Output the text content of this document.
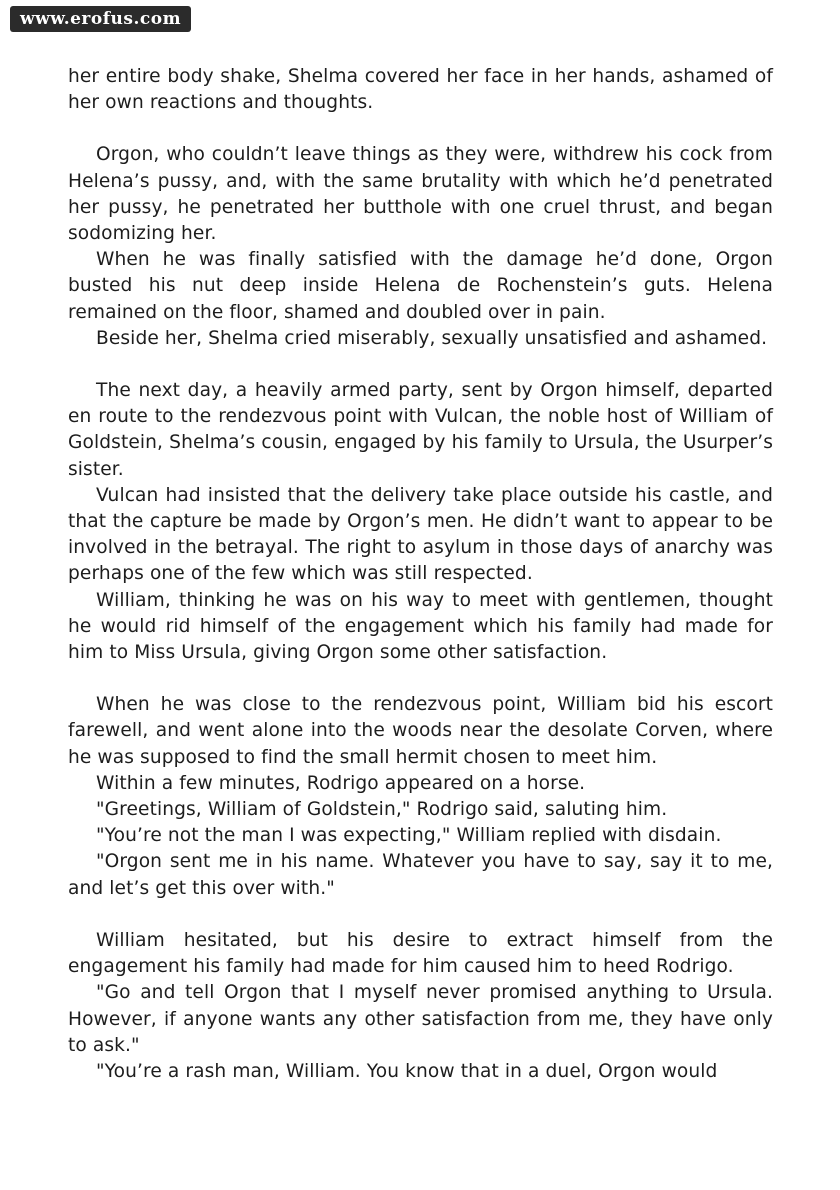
www.erofus.com

her entire body shake, Shelma covered her face in her hands, ashamed of her own reactions and thoughts.

Orgon, who couldn’t leave things as they were, withdrew his cock from Helena’s pussy, and, with the same brutality with which he’d penetrated her pussy, he penetrated her butthole with one cruel thrust, and began sodomizing her.

When he was finally satisfied with the damage he’d done, Orgon busted his nut deep inside Helena de Rochenstein’s guts. Helena remained on the floor, shamed and doubled over in pain.

Beside her, Shelma cried miserably, sexually unsatisfied and ashamed.

The next day, a heavily armed party, sent by Orgon himself, departed en route to the rendezvous point with Vulcan, the noble host of William of Goldstein, Shelma’s cousin, engaged by his family to Ursula, the Usurper’s sister.

Vulcan had insisted that the delivery take place outside his castle, and that the capture be made by Orgon’s men. He didn’t want to appear to be involved in the betrayal. The right to asylum in those days of anarchy was perhaps one of the few which was still respected.

William, thinking he was on his way to meet with gentlemen, thought he would rid himself of the engagement which his family had made for him to Miss Ursula, giving Orgon some other satisfaction.

When he was close to the rendezvous point, William bid his escort farewell, and went alone into the woods near the desolate Corven, where he was supposed to find the small hermit chosen to meet him.

Within a few minutes, Rodrigo appeared on a horse.

"Greetings, William of Goldstein," Rodrigo said, saluting him.

"You’re not the man I was expecting," William replied with disdain.

"Orgon sent me in his name. Whatever you have to say, say it to me, and let’s get this over with."

William hesitated, but his desire to extract himself from the engagement his family had made for him caused him to heed Rodrigo.

"Go and tell Orgon that I myself never promised anything to Ursula. However, if anyone wants any other satisfaction from me, they have only to ask."

"You’re a rash man, William. You know that in a duel, Orgon would
